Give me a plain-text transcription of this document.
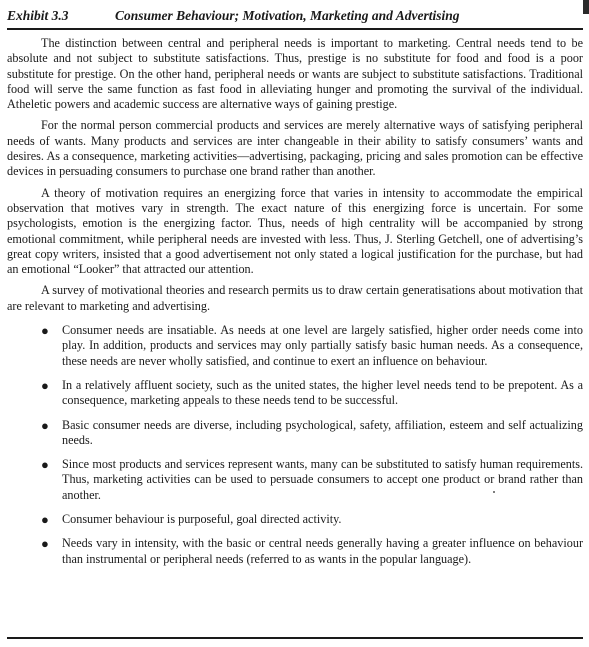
Exhibit 3.3	Consumer Behaviour; Motivation, Marketing and Advertising

The distinction between central and peripheral needs is important to marketing. Central needs tend to be absolute and not subject to substitute satisfactions. Thus, prestige is no substitute for food and food is a poor substitute for prestige. On the other hand, peripheral needs or wants are subject to substitute satisfactions. Traditional food will serve the same function as fast food in alleviating hunger and promoting the survival of the individual. Atheletic powers and academic success are alternative ways of gaining prestige.

For the normal person commercial products and services are merely alternative ways of satisfying peripheral needs of wants. Many products and services are inter changeable in their ability to satisfy consumers’ wants and desires. As a consequence, marketing activities—advertising, packaging, pricing and sales promotion can be effective devices in persuading consumers to purchase one brand rather than another.

A theory of motivation requires an energizing force that varies in intensity to accommodate the empirical observation that motives vary in strength. The exact nature of this energizing force is uncertain. For some psychologists, emotion is the energizing factor. Thus, needs of high centrality will be accompanied by strong emotional commitment, while peripheral needs are invested with less. Thus, J. Sterling Getchell, one of advertising’s great copy writers, insisted that a good advertisement not only stated a logical justification for the purchase, but had an emotional “Looker” that attracted our attention.

A survey of motivational theories and research permits us to draw certain generatisations about motivation that are relevant to marketing and advertising.

● Consumer needs are insatiable. As needs at one level are largely satisfied, higher order needs come into play. In addition, products and services may only partially satisfy basic human needs. As a consequence, these needs are never wholly satisfied, and continue to exert an influence on behaviour.
● In a relatively affluent society, such as the united states, the higher level needs tend to be prepotent. As a consequence, marketing appeals to these needs tend to be successful.
● Basic consumer needs are diverse, including psychological, safety, affiliation, esteem and self actualizing needs.
● Since most products and services represent wants, many can be substituted to satisfy human requirements. Thus, marketing activities can be used to persuade consumers to accept one product or brand rather than another.
● Consumer behaviour is purposeful, goal directed activity.
● Needs vary in intensity, with the basic or central needs generally having a greater influence on behaviour than instrumental or peripheral needs (referred to as wants in the popular language).
